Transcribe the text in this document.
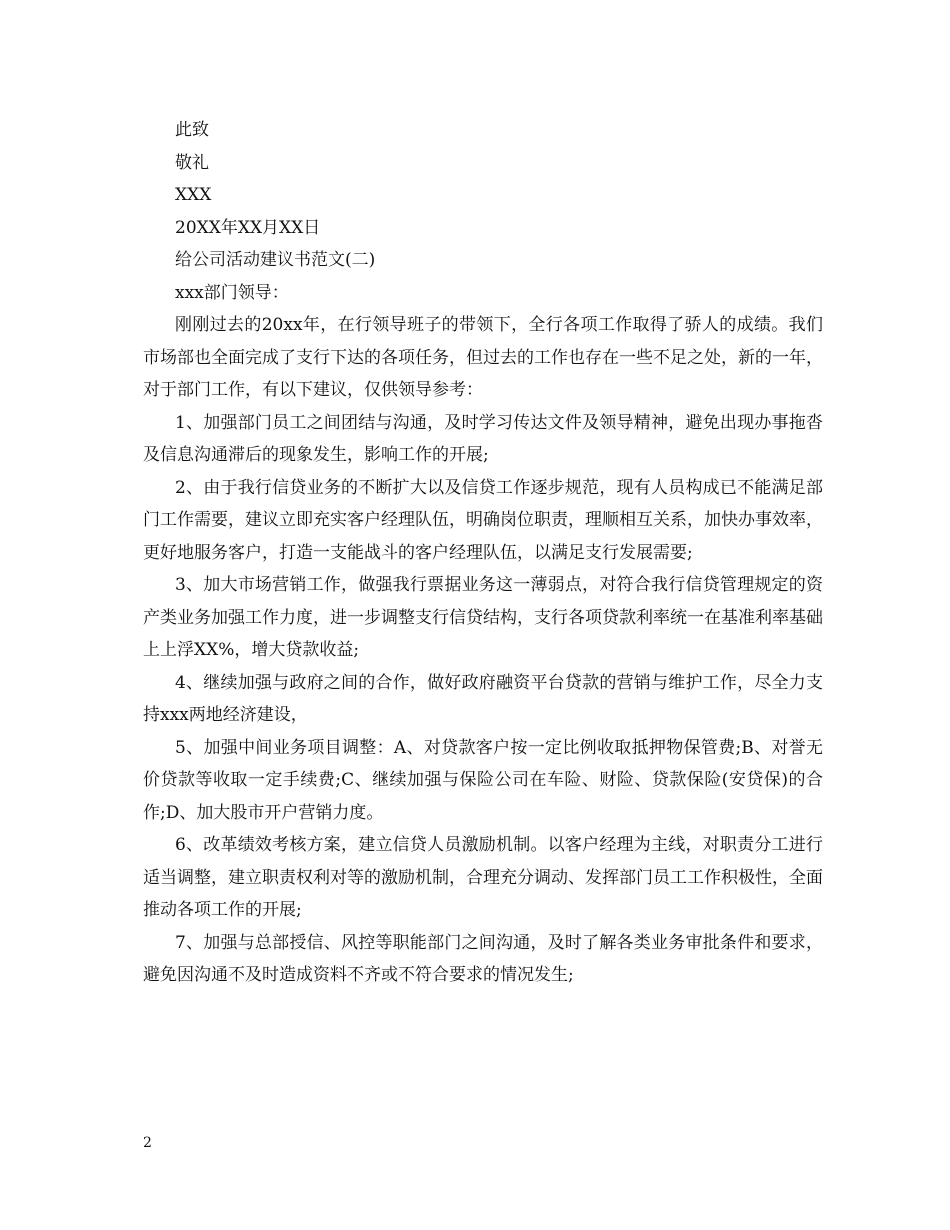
此致

敬礼

XXX

20XX年XX月XX日

给公司活动建议书范文(二)

xxx部门领导：

刚刚过去的20xx年，在行领导班子的带领下，全行各项工作取得了骄人的成绩。我们市场部也全面完成了支行下达的各项任务，但过去的工作也存在一些不足之处，新的一年，对于部门工作，有以下建议，仅供领导参考：

1、加强部门员工之间团结与沟通，及时学习传达文件及领导精神，避免出现办事拖沓及信息沟通滞后的现象发生，影响工作的开展;

2、由于我行信贷业务的不断扩大以及信贷工作逐步规范，现有人员构成已不能满足部门工作需要，建议立即充实客户经理队伍，明确岗位职责，理顺相互关系，加快办事效率，更好地服务客户，打造一支能战斗的客户经理队伍，以满足支行发展需要;

3、加大市场营销工作，做强我行票据业务这一薄弱点，对符合我行信贷管理规定的资产类业务加强工作力度，进一步调整支行信贷结构，支行各项贷款利率统一在基准利率基础上上浮XX%，增大贷款收益;

4、继续加强与政府之间的合作，做好政府融资平台贷款的营销与维护工作，尽全力支持xxx两地经济建设，

5、加强中间业务项目调整：A、对贷款客户按一定比例收取抵押物保管费;B、对誉无价贷款等收取一定手续费;C、继续加强与保险公司在车险、财险、贷款保险(安贷保)的合作;D、加大股市开户营销力度。

6、改革绩效考核方案，建立信贷人员激励机制。以客户经理为主线，对职责分工进行适当调整，建立职责权利对等的激励机制，合理充分调动、发挥部门员工工作积极性，全面推动各项工作的开展;

7、加强与总部授信、风控等职能部门之间沟通，及时了解各类业务审批条件和要求，避免因沟通不及时造成资料不齐或不符合要求的情况发生;

2
